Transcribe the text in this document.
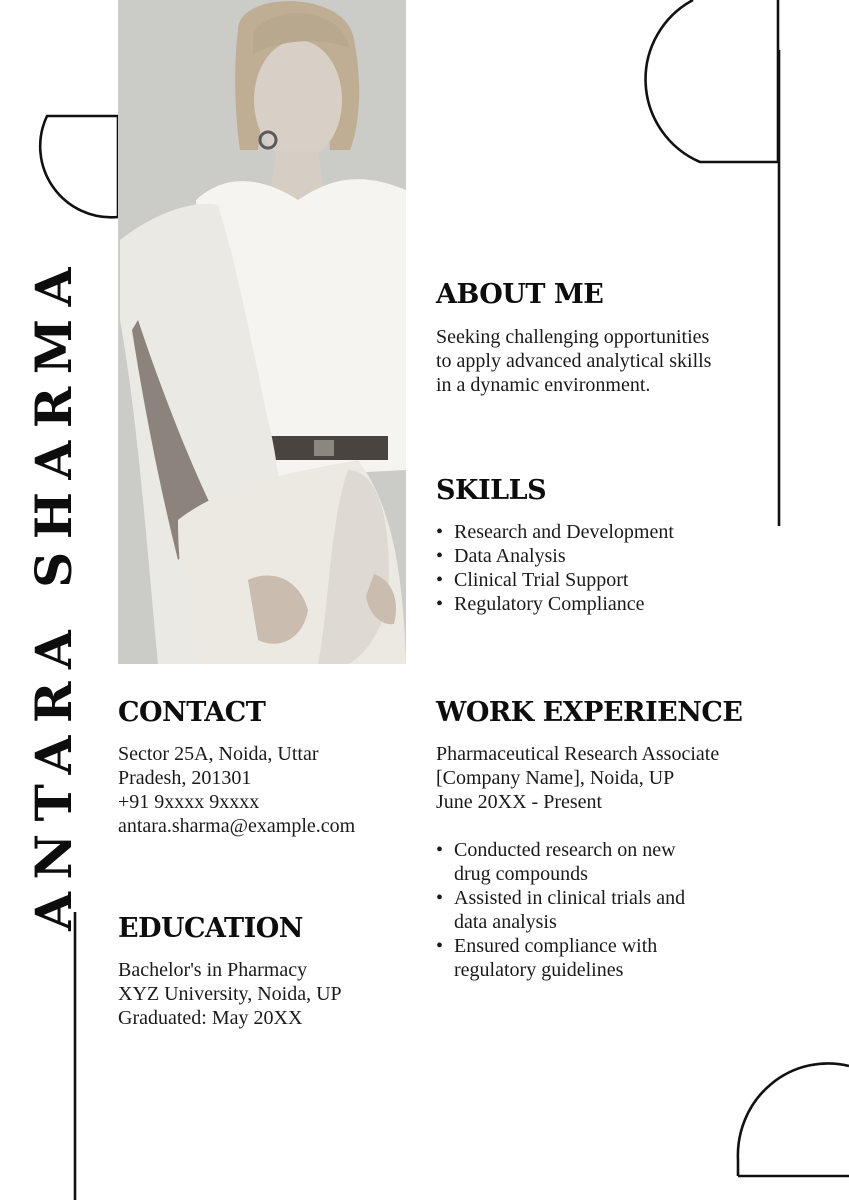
ANTARA SHARMA	ABOUT ME
Seeking challenging opportunities
to apply advanced analytical skills
in a dynamic environment.
SKILLS
• Research and Development
• Data Analysis
• Clinical Trial Support
• Regulatory Compliance
CONTACT
Sector 25A, Noida, Uttar
Pradesh, 201301
+91 9xxxx 9xxxx
antara.sharma@example.com
EDUCATION
Bachelor's in Pharmacy
XYZ University, Noida, UP
Graduated: May 20XX
WORK EXPERIENCE
Pharmaceutical Research Associate
[Company Name], Noida, UP
June 20XX - Present
• Conducted research on new
drug compounds
• Assisted in clinical trials and
data analysis
• Ensured compliance with
regulatory guidelines
